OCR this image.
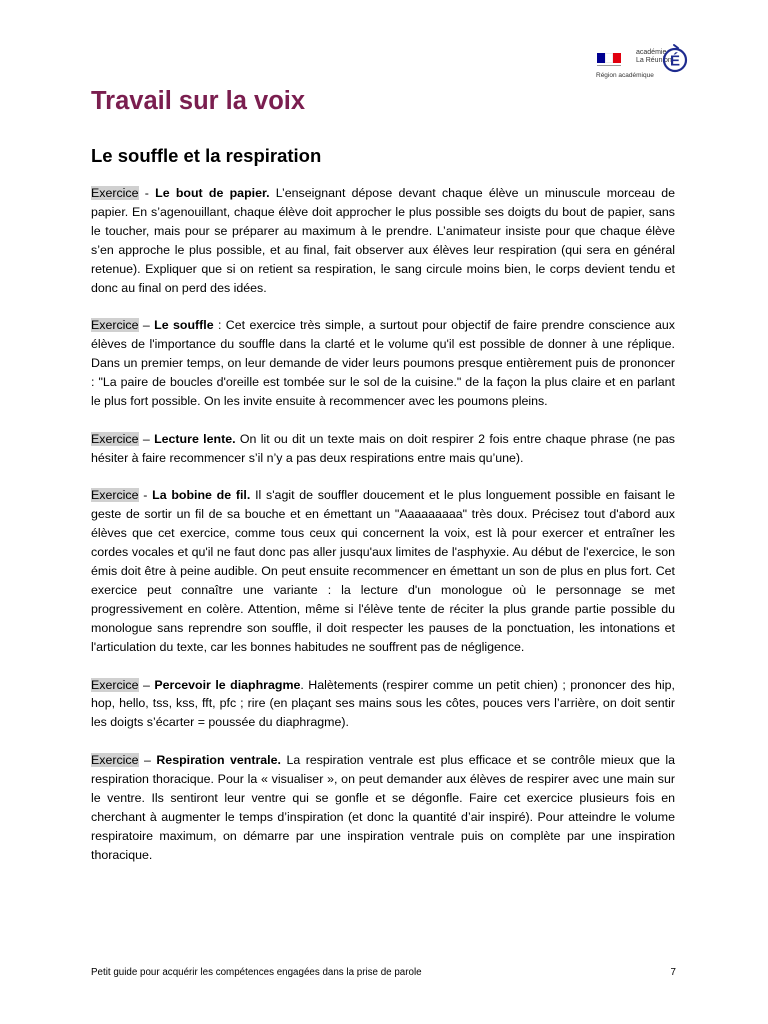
Région académique
académie
La Réunion
É
Travail sur la voix
Le souffle et la respiration

Exercice - Le bout de papier. L’enseignant dépose devant chaque élève un minuscule morceau de papier. En s’agenouillant, chaque élève doit approcher le plus possible ses doigts du bout de papier, sans le toucher, mais pour se préparer au maximum à le prendre. L’animateur insiste pour que chaque élève s’en approche le plus possible, et au final, fait observer aux élèves leur respiration (qui sera en général retenue). Expliquer que si on retient sa respiration, le sang circule moins bien, le corps devient tendu et donc au final on perd des idées.

Exercice – Le souffle : Cet exercice très simple, a surtout pour objectif de faire prendre conscience aux élèves de l'importance du souffle dans la clarté et le volume qu'il est possible de donner à une réplique. Dans un premier temps, on leur demande de vider leurs poumons presque entièrement puis de prononcer : "La paire de boucles d'oreille est tombée sur le sol de la cuisine." de la façon la plus claire et en parlant le plus fort possible. On les invite ensuite à recommencer avec les poumons pleins.

Exercice – Lecture lente. On lit ou dit un texte mais on doit respirer 2 fois entre chaque phrase (ne pas hésiter à faire recommencer s’il n’y a pas deux respirations entre mais qu’une).

Exercice - La bobine de fil. Il s'agit de souffler doucement et le plus longuement possible en faisant le geste de sortir un fil de sa bouche et en émettant un "Aaaaaaaaa" très doux. Précisez tout d'abord aux élèves que cet exercice, comme tous ceux qui concernent la voix, est là pour exercer et entraîner les cordes vocales et qu'il ne faut donc pas aller jusqu'aux limites de l'asphyxie. Au début de l'exercice, le son émis doit être à peine audible. On peut ensuite recommencer en émettant un son de plus en plus fort. Cet exercice peut connaître une variante : la lecture d'un monologue où le personnage se met progressivement en colère. Attention, même si l'élève tente de réciter la plus grande partie possible du monologue sans reprendre son souffle, il doit respecter les pauses de la ponctuation, les intonations et l'articulation du texte, car les bonnes habitudes ne souffrent pas de négligence.

Exercice – Percevoir le diaphragme. Halètements (respirer comme un petit chien) ; prononcer des hip, hop, hello, tss, kss, fft, pfc ; rire (en plaçant ses mains sous les côtes, pouces vers l’arrière, on doit sentir les doigts s’écarter = poussée du diaphragme).

Exercice – Respiration ventrale. La respiration ventrale est plus efficace et se contrôle mieux que la respiration thoracique. Pour la « visualiser », on peut demander aux élèves de respirer avec une main sur le ventre. Ils sentiront leur ventre qui se gonfle et se dégonfle. Faire cet exercice plusieurs fois en cherchant à augmenter le temps d’inspiration (et donc la quantité d’air inspiré). Pour atteindre le volume respiratoire maximum, on démarre par une inspiration ventrale puis on complète par une inspiration thoracique.

Petit guide pour acquérir les compétences engagées dans la prise de parole	7
